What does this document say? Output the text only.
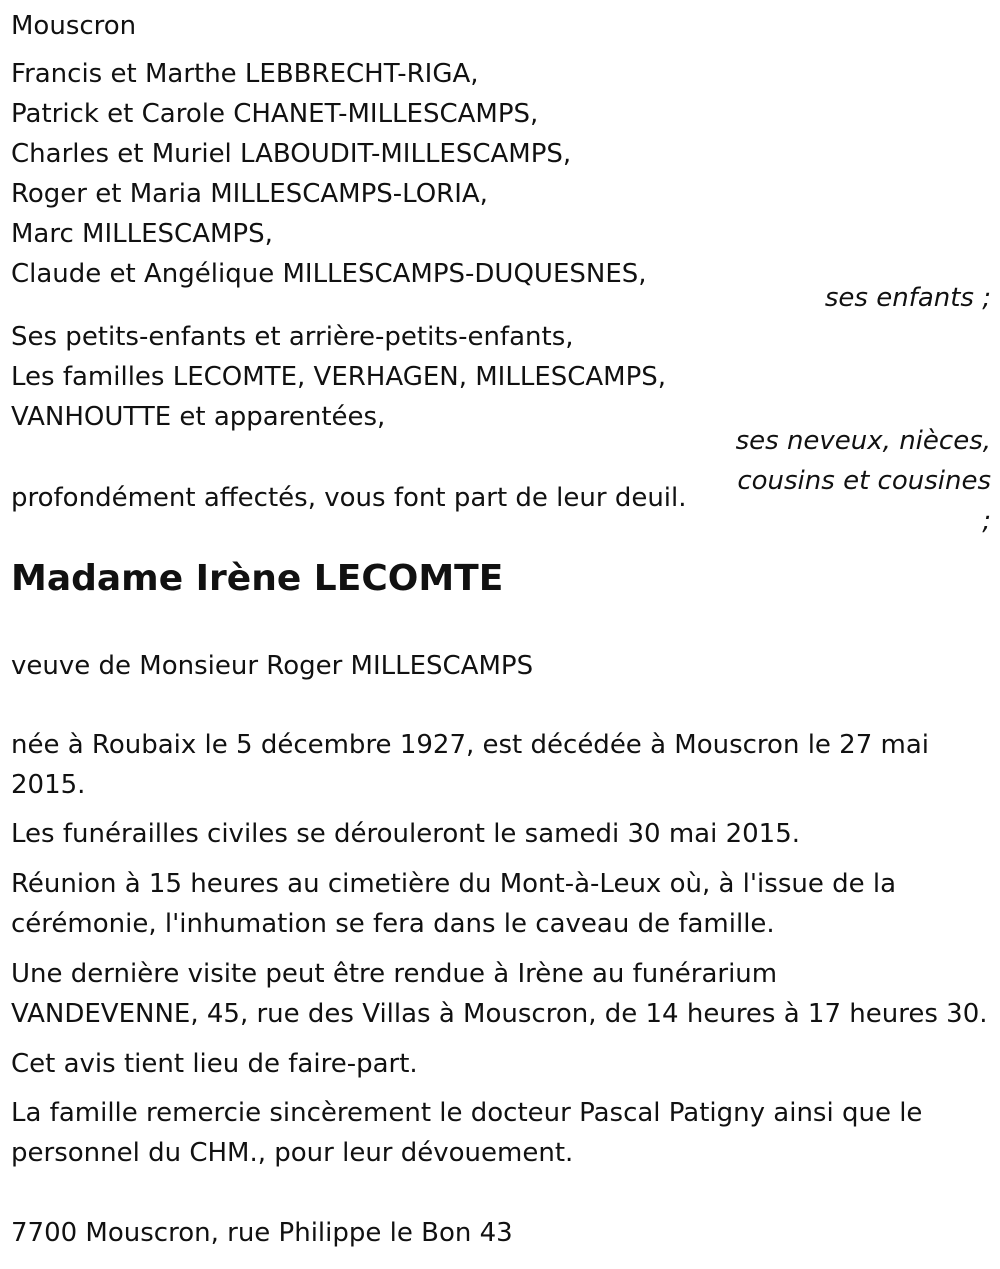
Mouscron
Francis et Marthe LEBBRECHT-RIGA,
Patrick et Carole CHANET-MILLESCAMPS,
Charles et Muriel LABOUDIT-MILLESCAMPS,
Roger et Maria MILLESCAMPS-LORIA,
Marc MILLESCAMPS,
Claude et Angélique MILLESCAMPS-DUQUESNES,
ses enfants ;
Ses petits-enfants et arrière-petits-enfants,
Les familles LECOMTE, VERHAGEN, MILLESCAMPS,
VANHOUTTE et apparentées,
ses neveux, nièces,
cousins et cousines
;
profondément affectés, vous font part de leur deuil.
Madame Irène LECOMTE
veuve de Monsieur Roger MILLESCAMPS
née à Roubaix le 5 décembre 1927, est décédée à Mouscron le 27 mai
2015.
Les funérailles civiles se dérouleront le samedi 30 mai 2015.
Réunion à 15 heures au cimetière du Mont-à-Leux où, à l'issue de la
cérémonie, l'inhumation se fera dans le caveau de famille.
Une dernière visite peut être rendue à Irène au funérarium
VANDEVENNE, 45, rue des Villas à Mouscron, de 14 heures à 17 heures 30.
Cet avis tient lieu de faire-part.
La famille remercie sincèrement le docteur Pascal Patigny ainsi que le
personnel du CHM., pour leur dévouement.
7700 Mouscron, rue Philippe le Bon 43
